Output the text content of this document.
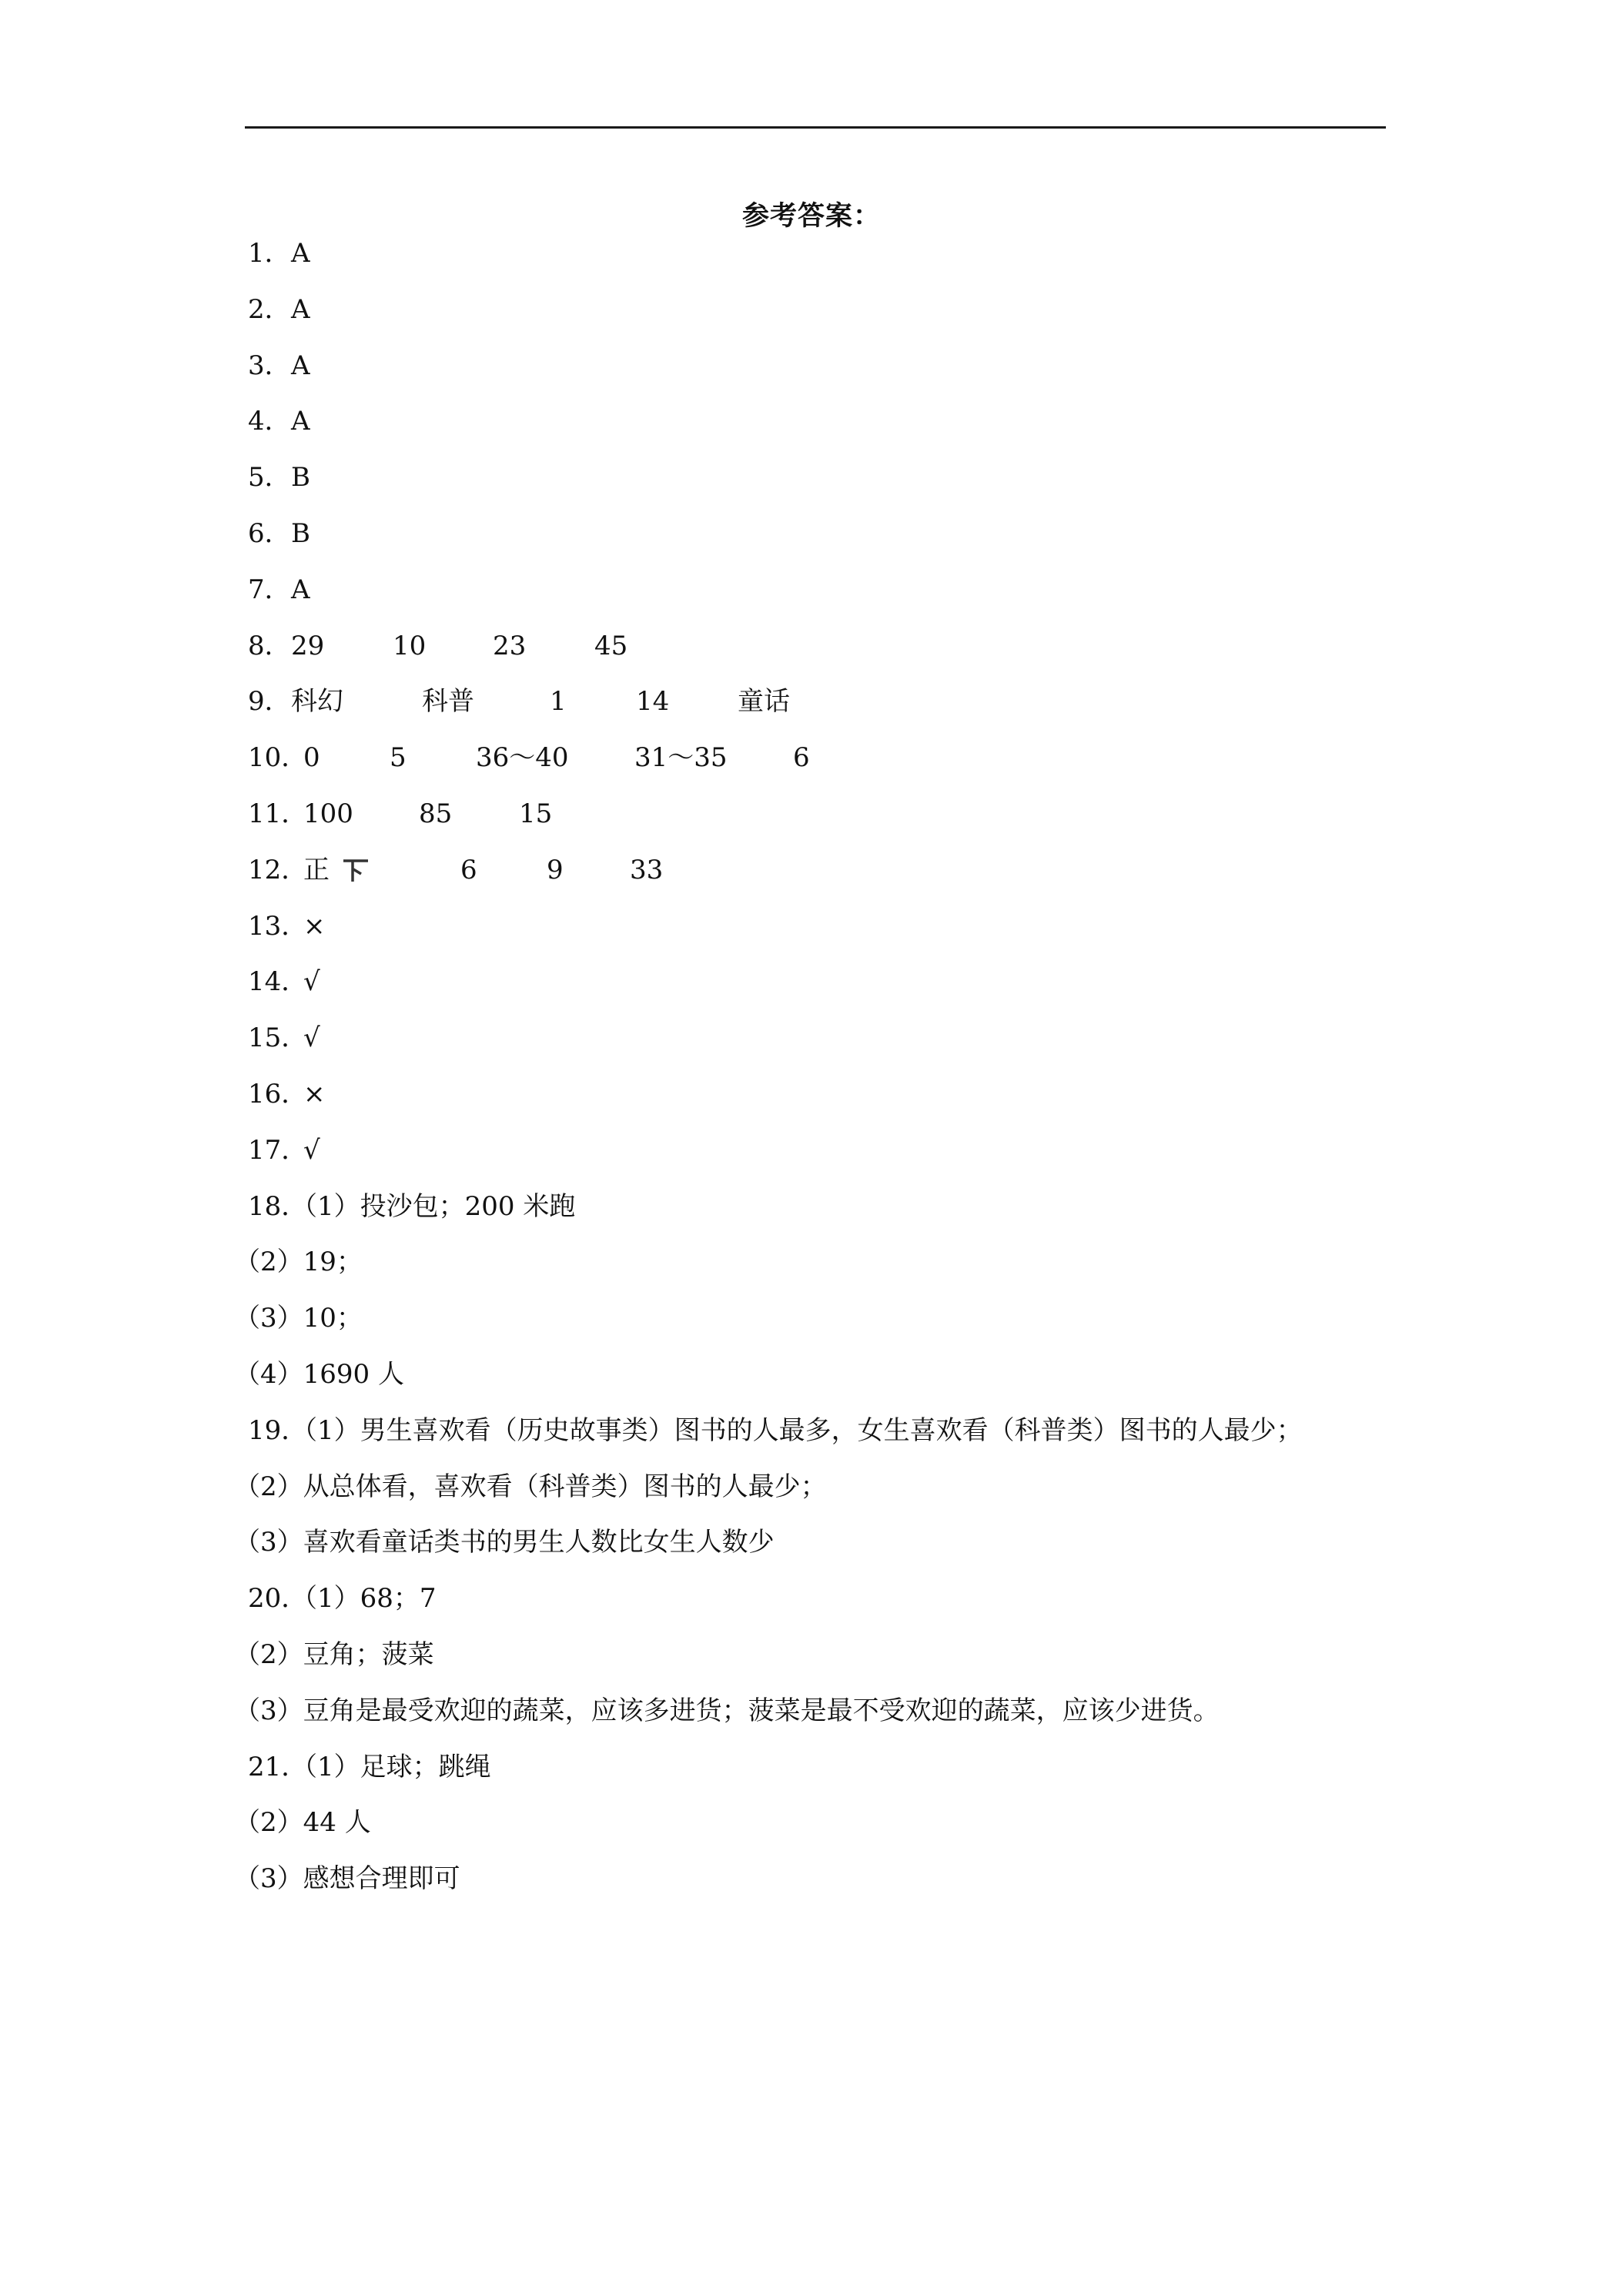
参考答案：
1． A
2． A
3． A
4． A
5． B
6． B
7． A
8． 29	10	23	45
9． 科幻	科普	1	14	童话
10．
0	5	36～40	31～35	6
11．
100	85	15
12．
正	6	9	33
13．
×
14．
√
15．
√
16．
×
17．
√
18．
（1）投沙包；200 米跑
（2）19；
（3）10；
（4）1690 人
19．
（1）男生喜欢看（历史故事类）图书的人最多，女生喜欢看（科普类）图书的人最少；
（2）从总体看，喜欢看（科普类）图书的人最少；
（3）喜欢看童话类书的男生人数比女生人数少
20．
（1）68；7
（2）豆角；菠菜
（3）豆角是最受欢迎的蔬菜，应该多进货；菠菜是最不受欢迎的蔬菜，应该少进货。
21．
（1）足球；跳绳
（2）44 人
（3）感想合理即可
